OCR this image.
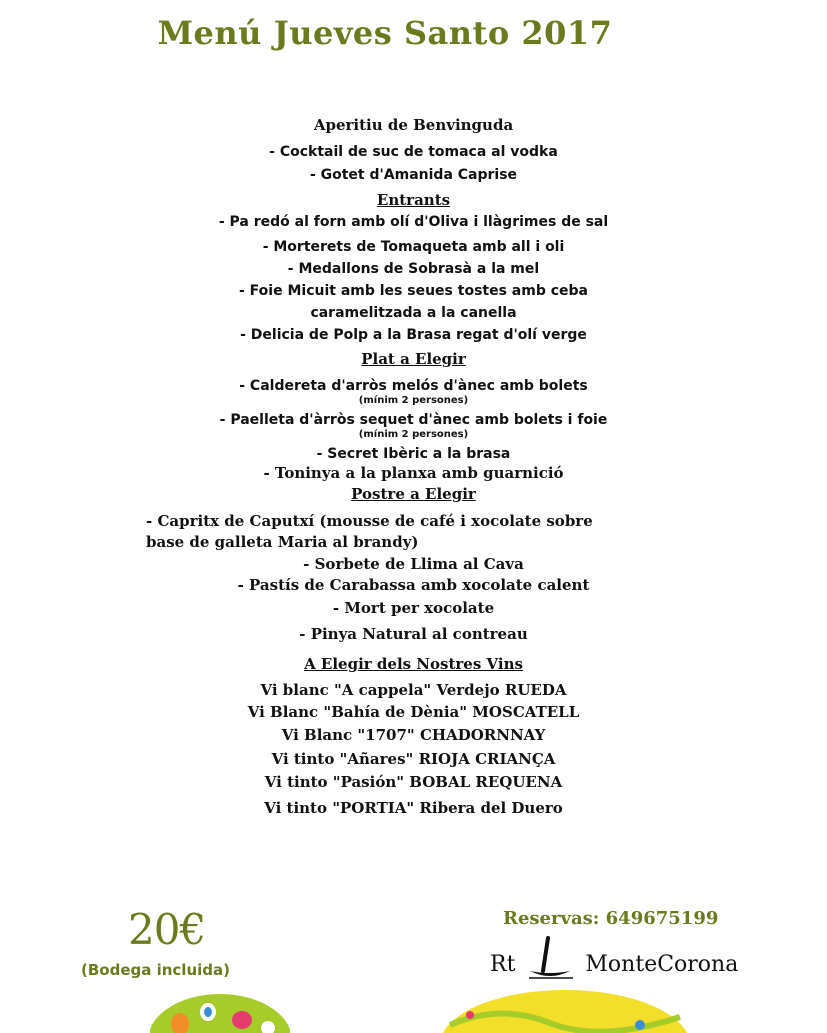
Menú Jueves Santo 2017
Aperitiu de Benvinguda
- Cocktail de suc de tomaca al vodka
- Gotet d'Amanida Caprise
Entrants
- Pa redó al forn amb olí d'Oliva i llàgrimes de sal
- Morterets de Tomaqueta amb all i oli
- Medallons de Sobrasà a la mel
- Foie Micuit amb les seues tostes amb ceba
caramelitzada a la canella
- Delicia de Polp a la Brasa regat d'olí verge
Plat a Elegir
- Caldereta d'arròs melós d'ànec amb bolets
(mínim 2 persones)
- Paelleta d'àrròs sequet d'ànec amb bolets i foie
(mínim 2 persones)
- Secret Ibèric a la brasa
- Toninya a la planxa amb guarnició
Postre a Elegir
- Capritx de Caputxí (mousse de café i xocolate sobre
base de galleta Maria al brandy)
- Sorbete de Llima al Cava
- Pastís de Carabassa amb xocolate calent
- Mort per xocolate
- Pinya Natural al contreau
A Elegir dels Nostres Vins
Vi blanc "A cappela" Verdejo RUEDA
Vi Blanc "Bahía de Dènia" MOSCATELL
Vi Blanc "1707" CHADORNNAY
Vi tinto "Añares" RIOJA CRIANÇA
Vi tinto "Pasión" BOBAL REQUENA
Vi tinto "PORTIA" Ribera del Duero
20€
(Bodega incluida)
Reservas: 649675199
Rt	MonteCorona
